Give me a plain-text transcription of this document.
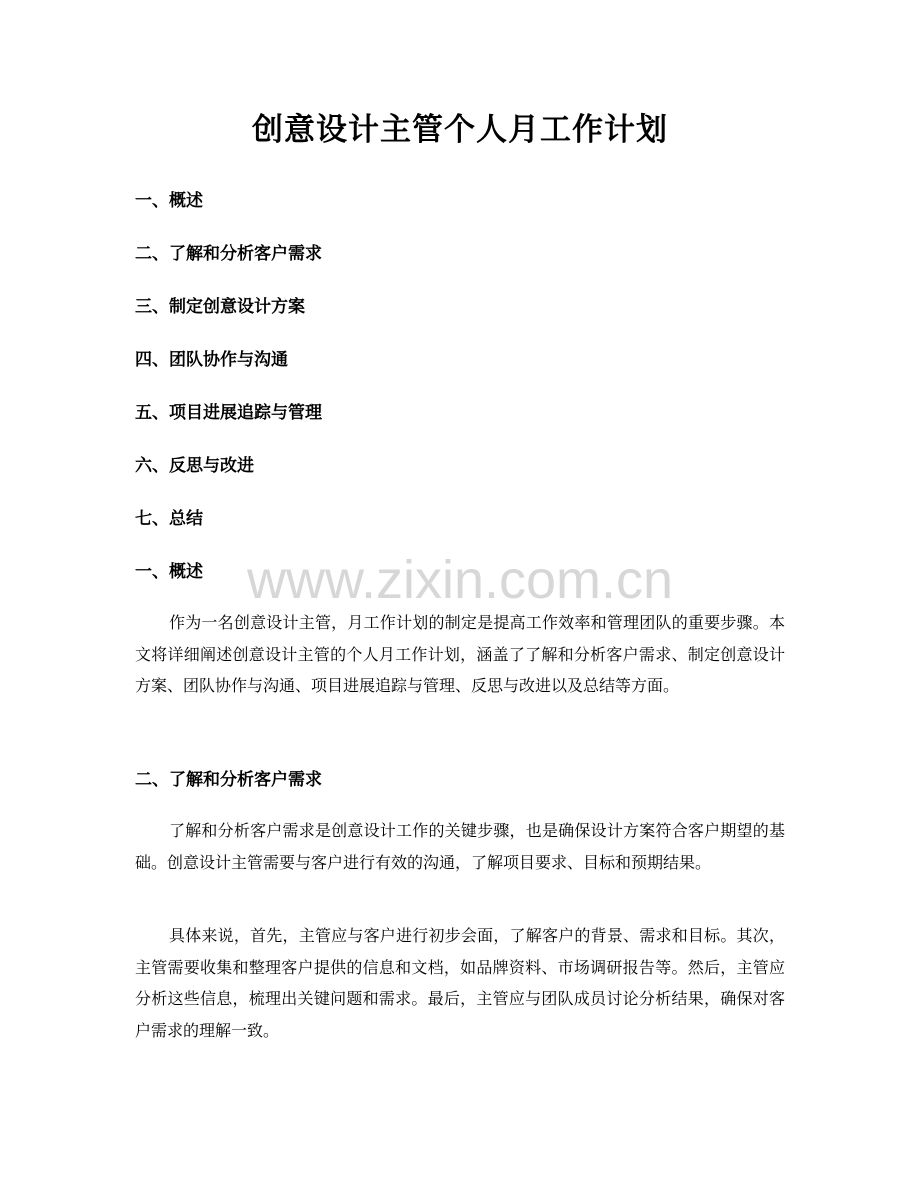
www.zixin.com.cn
创意设计主管个人月工作计划

一、概述

二、了解和分析客户需求

三、制定创意设计方案

四、团队协作与沟通

五、项目进展追踪与管理

六、反思与改进

七、总结

一、概述

作为一名创意设计主管，月工作计划的制定是提高工作效率和管理团队的重要步骤。本文将详细阐述创意设计主管的个人月工作计划，涵盖了了解和分析客户需求、制定创意设计方案、团队协作与沟通、项目进展追踪与管理、反思与改进以及总结等方面。

二、了解和分析客户需求

了解和分析客户需求是创意设计工作的关键步骤，也是确保设计方案符合客户期望的基础。创意设计主管需要与客户进行有效的沟通，了解项目要求、目标和预期结果。

具体来说，首先，主管应与客户进行初步会面，了解客户的背景、需求和目标。其次，主管需要收集和整理客户提供的信息和文档，如品牌资料、市场调研报告等。然后，主管应分析这些信息，梳理出关键问题和需求。最后，主管应与团队成员讨论分析结果，确保对客户需求的理解一致。
